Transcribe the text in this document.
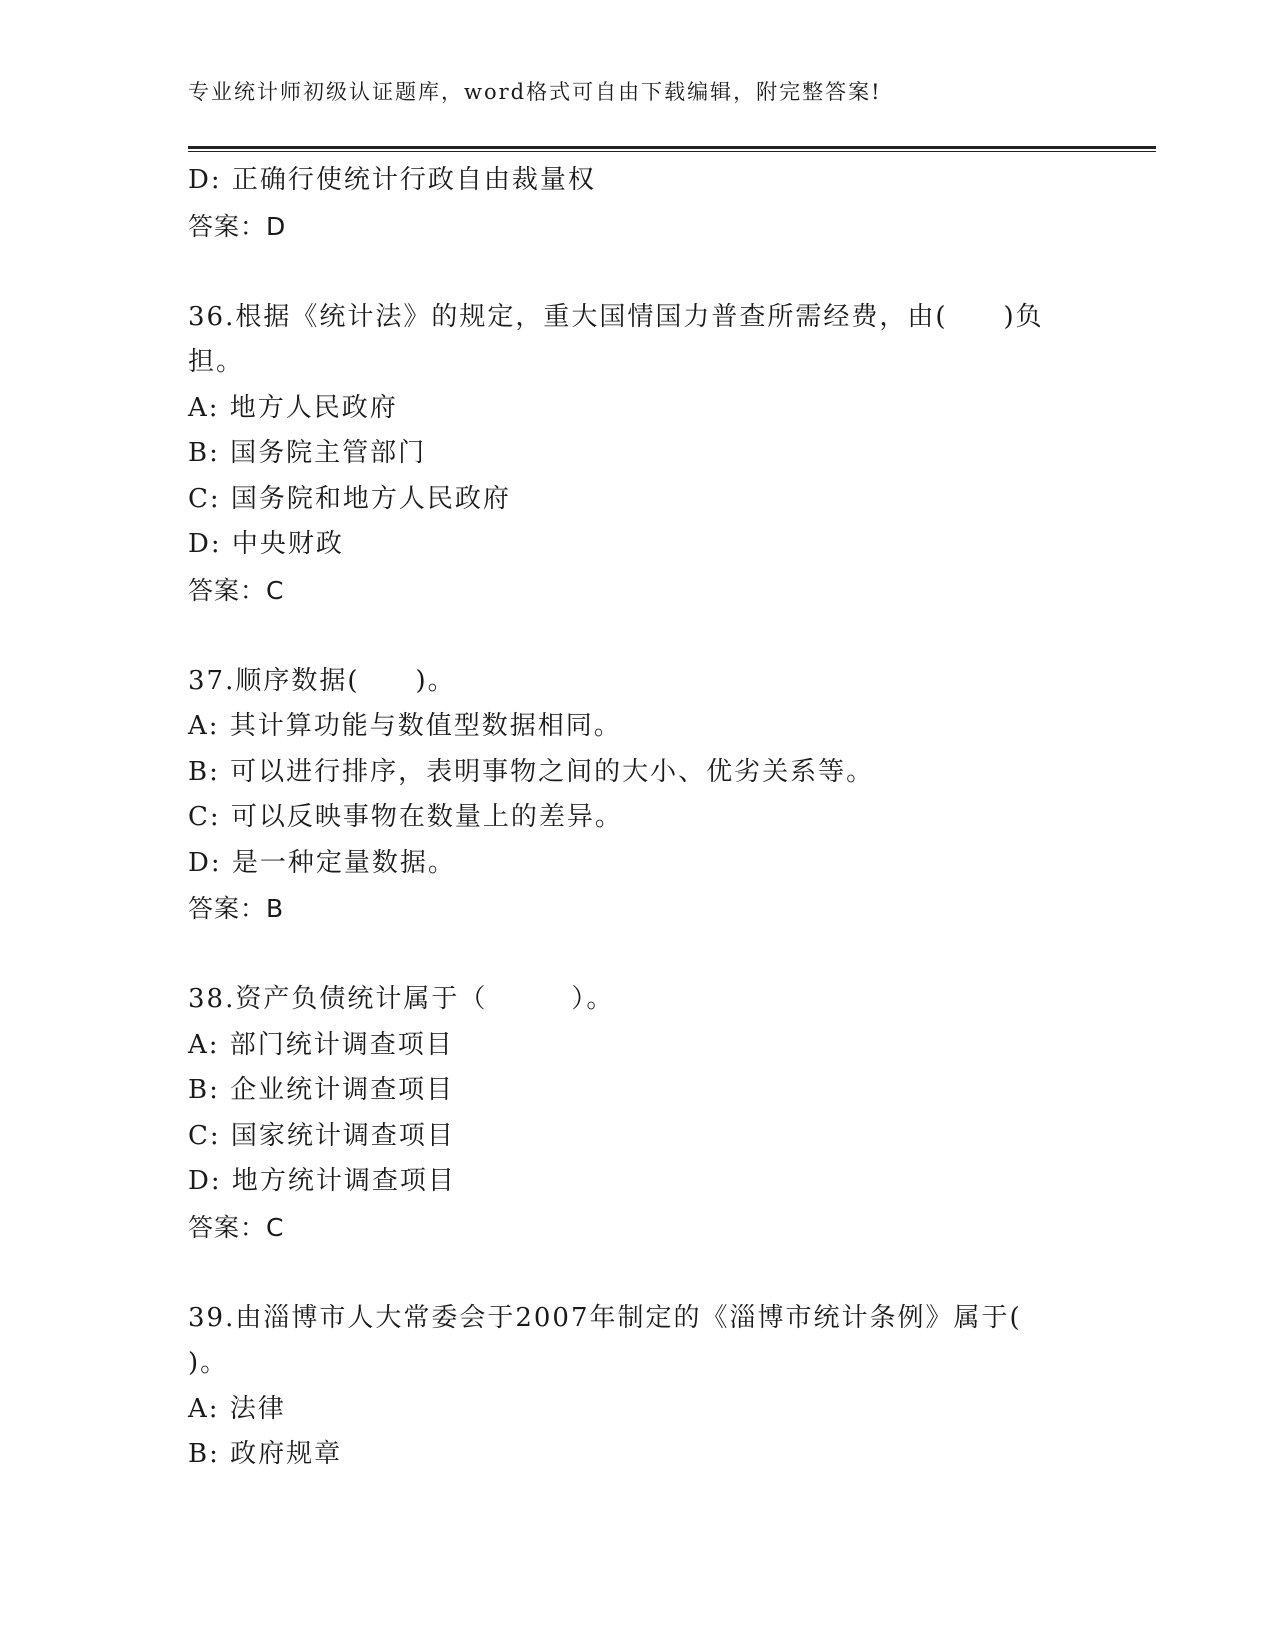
专业统计师初级认证题库，word格式可自由下载编辑，附完整答案!
D: 正确行使统计行政自由裁量权
答案：D
36.根据《统计法》的规定，重大国情国力普查所需经费，由(　　)负
担。
A: 地方人民政府
B: 国务院主管部门
C: 国务院和地方人民政府
D: 中央财政
答案：C
37.顺序数据(　　)。
A: 其计算功能与数值型数据相同。
B: 可以进行排序，表明事物之间的大小、优劣关系等。
C: 可以反映事物在数量上的差异。
D: 是一种定量数据。
答案：B
38.资产负债统计属于（　　　）。
A: 部门统计调查项目
B: 企业统计调查项目
C: 国家统计调查项目
D: 地方统计调查项目
答案：C
39.由淄博市人大常委会于2007年制定的《淄博市统计条例》属于(
)。
A: 法律
B: 政府规章
